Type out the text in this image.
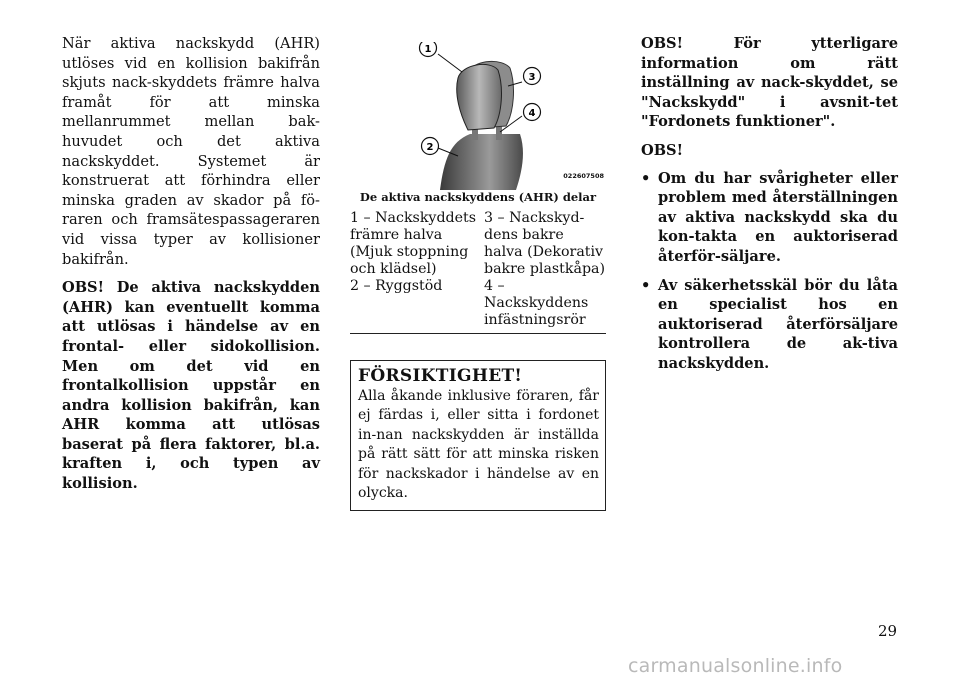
När aktiva nackskydd (AHR) utlöses vid en kollision bakifrån skjuts nack-skyddets främre halva framåt för att minska mellanrummet mellan bak-huvudet och det aktiva nackskyddet. Systemet är konstruerat att förhindra eller minska graden av skador på fö-raren och framsätespassageraren vid vissa typer av kollisioner bakifrån.

OBS! De aktiva nackskydden (AHR) kan eventuellt komma att utlösas i händelse av en frontal- eller sidokollision. Men om det vid en frontalkollision uppstår en andra kollision bakifrån, kan AHR komma att utlösas baserat på flera faktorer, bl.a. kraften i, och typen av kollision.

1
3
4
2
022607508

De aktiva nackskyddens (AHR) delar

1 – Nackskyddets främre halva (Mjuk stoppning och klädsel)
3 – Nackskyd-dens bakre halva (Dekorativ bakre plastkåpa)
2 – Ryggstöd	4 – Nackskyddens infästningsrör
FÖRSIKTIGHET!

Alla åkande inklusive föraren, får ej färdas i, eller sitta i fordonet in-nan nackskydden är inställda på rätt sätt för att minska risken för nackskador i händelse av en olycka.

OBS! För ytterligare information om rätt inställning av nack-skyddet, se "Nackskydd" i avsnit-tet "Fordonets funktioner".

OBS!

• Om du har svårigheter eller problem med återställningen av aktiva nackskydd ska du kon-takta en auktoriserad återför-säljare.
• Av säkerhetsskäl bör du låta en specialist hos en auktoriserad återförsäljare kontrollera de ak-tiva nackskydden.
29
carmanualsonline.info
